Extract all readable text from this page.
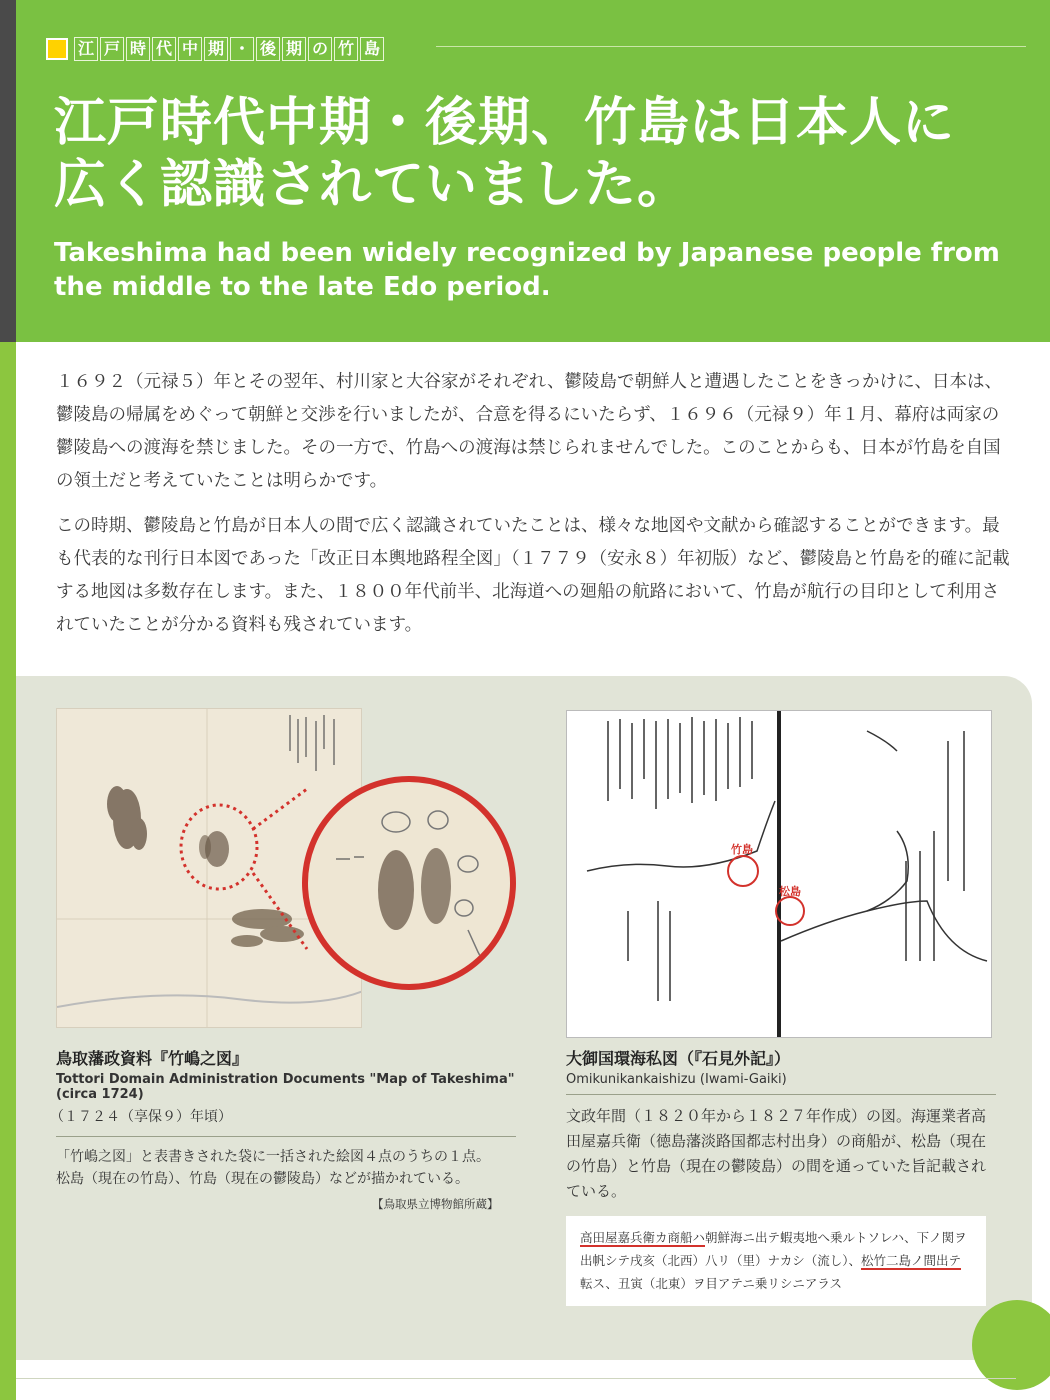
江 戸 時 代 中 期 ・ 後 期 の 竹 島
江戸時代中期・後期、竹島は日本人に
広く認識されていました。
Takeshima had been widely recognized by Japanese people from
the middle to the late Edo period.

１６９２（元禄５）年とその翌年、村川家と大谷家がそれぞれ、鬱陵島で朝鮮人と遭遇したことをきっかけに、日本は、鬱陵島の帰属をめぐって朝鮮と交渉を行いましたが、合意を得るにいたらず、１６９６（元禄９）年１月、幕府は両家の鬱陵島への渡海を禁じました。その一方で、竹島への渡海は禁じられませんでした。このことからも、日本が竹島を自国の領土だと考えていたことは明らかです。

この時期、鬱陵島と竹島が日本人の間で広く認識されていたことは、様々な地図や文献から確認することができます。最も代表的な刊行日本図であった「改正日本輿地路程全図」（１７７９（安永８）年初版）など、鬱陵島と竹島を的確に記載する地図は多数存在します。また、１８００年代前半、北海道への廻船の航路において、竹島が航行の目印として利用されていたことが分かる資料も残されています。

鳥取藩政資料『竹嶋之図』
Tottori Domain Administration Documents "Map of Takeshima" (circa 1724)
（１７２４（享保９）年頃）
「竹嶋之図」と表書きされた袋に一括された絵図４点のうちの１点。
松島（現在の竹島）、竹島（現在の鬱陵島）などが描かれている。
【鳥取県立博物館所蔵】
竹島
松島
大御国環海私図（『石見外記』）
Omikunikankaishizu (Iwami-Gaiki)
文政年間（１８２０年から１８２７年作成）の図。海運業者高田屋嘉兵衛（徳島藩淡路国都志村出身）の商船が、松島（現在の竹島）と竹島（現在の鬱陵島）の間を通っていた旨記載されている。
高田屋嘉兵衛カ商船ハ朝鮮海ニ出テ蝦夷地へ乗ルトソレハ、下ノ関ヲ出帆シテ戌亥（北西）八リ（里）ナカシ（流し）、松竹二島ノ間出テ転ス、丑寅（北東）ヲ目アテニ乗リシニアラス
